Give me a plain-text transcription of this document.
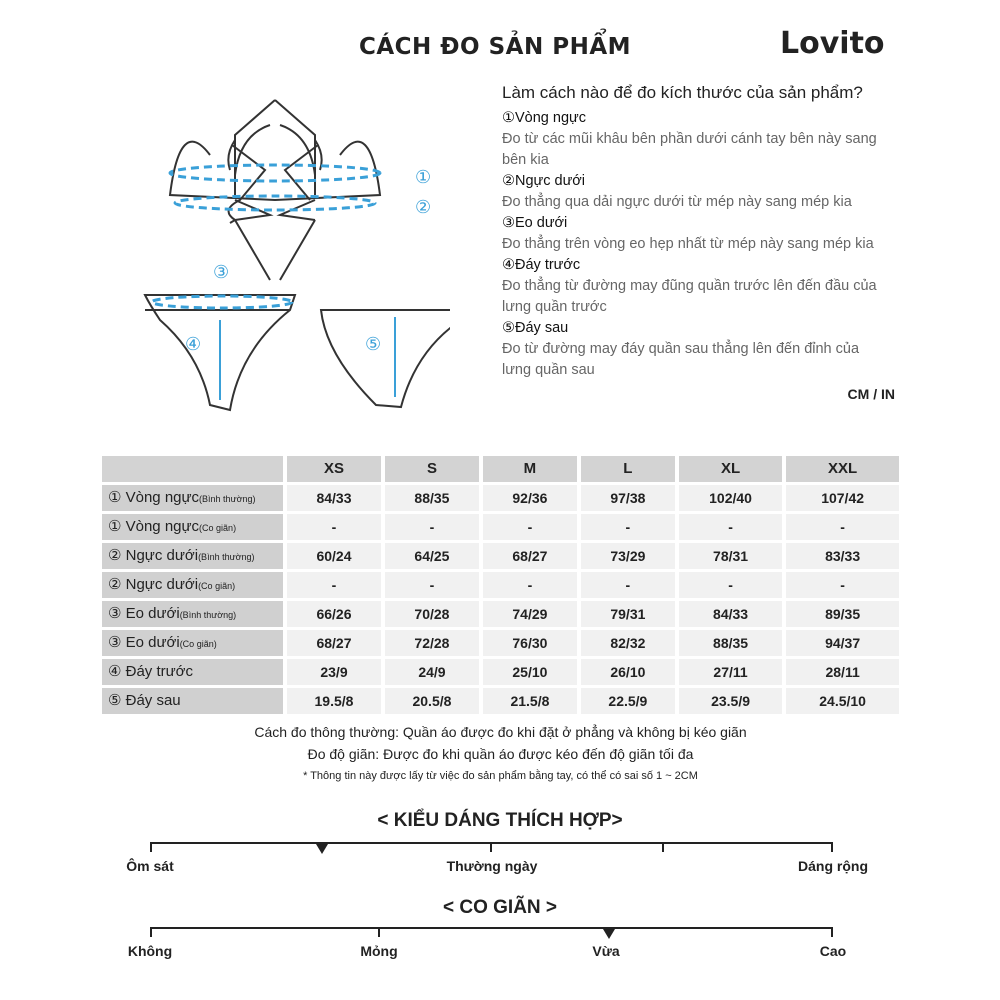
CÁCH ĐO SẢN PHẨM	Lovito
①
②
③
④	⑤
Làm cách nào để đo kích thước của sản phẩm?
①Vòng ngực
Đo từ các mũi khâu bên phần dưới cánh tay bên này sang bên kia
②Ngực dưới
Đo thẳng qua dải ngực dưới từ mép này sang mép kia
③Eo dưới
Đo thẳng trên vòng eo hẹp nhất từ mép này sang mép kia
④Đáy trước
Đo thẳng từ đường may đũng quần trước lên đến đầu của lưng quần trước
⑤Đáy sau
Đo từ đường may đáy quần sau thẳng lên đến đỉnh của lưng quần sau
CM / IN
	XS	S	M	L	XL	XXL
① Vòng ngực(Bình thường)	84/33	88/35	92/36	97/38	102/40	107/42
① Vòng ngực(Co giãn)	-	-	-	-	-	-
② Ngực dưới(Bình thường)	60/24	64/25	68/27	73/29	78/31	83/33
② Ngực dưới(Co giãn)	-	-	-	-	-	-
③ Eo dưới(Bình thường)	66/26	70/28	74/29	79/31	84/33	89/35
③ Eo dưới(Co giãn)	68/27	72/28	76/30	82/32	88/35	94/37
④ Đáy trước	23/9	24/9	25/10	26/10	27/11	28/11
⑤ Đáy sau	19.5/8	20.5/8	21.5/8	22.5/9	23.5/9	24.5/10
Cách đo thông thường: Quần áo được đo khi đặt ở phẳng và không bị kéo giãn
Đo độ giãn: Được đo khi quần áo được kéo đến độ giãn tối đa
* Thông tin này được lấy từ việc đo sản phẩm bằng tay, có thể có sai số 1 ~ 2CM
< KIỂU DÁNG THÍCH HỢP>
Ôm sát	Thường ngày	Dáng rộng
< CO GIÃN >
Không	Mỏng	Vừa	Cao
